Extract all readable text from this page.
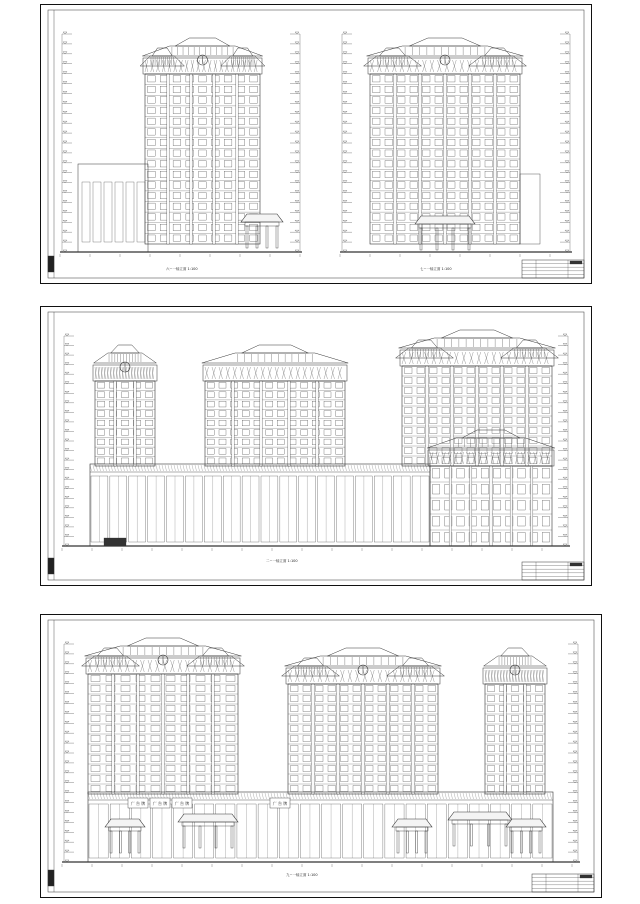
六~一轴立面 1:100	七~一轴立面 1:100
二~一轴立面 1:100
广 告 牌 广 告 牌	广 告 牌
广 告 牌
九~一轴立面 1:100
